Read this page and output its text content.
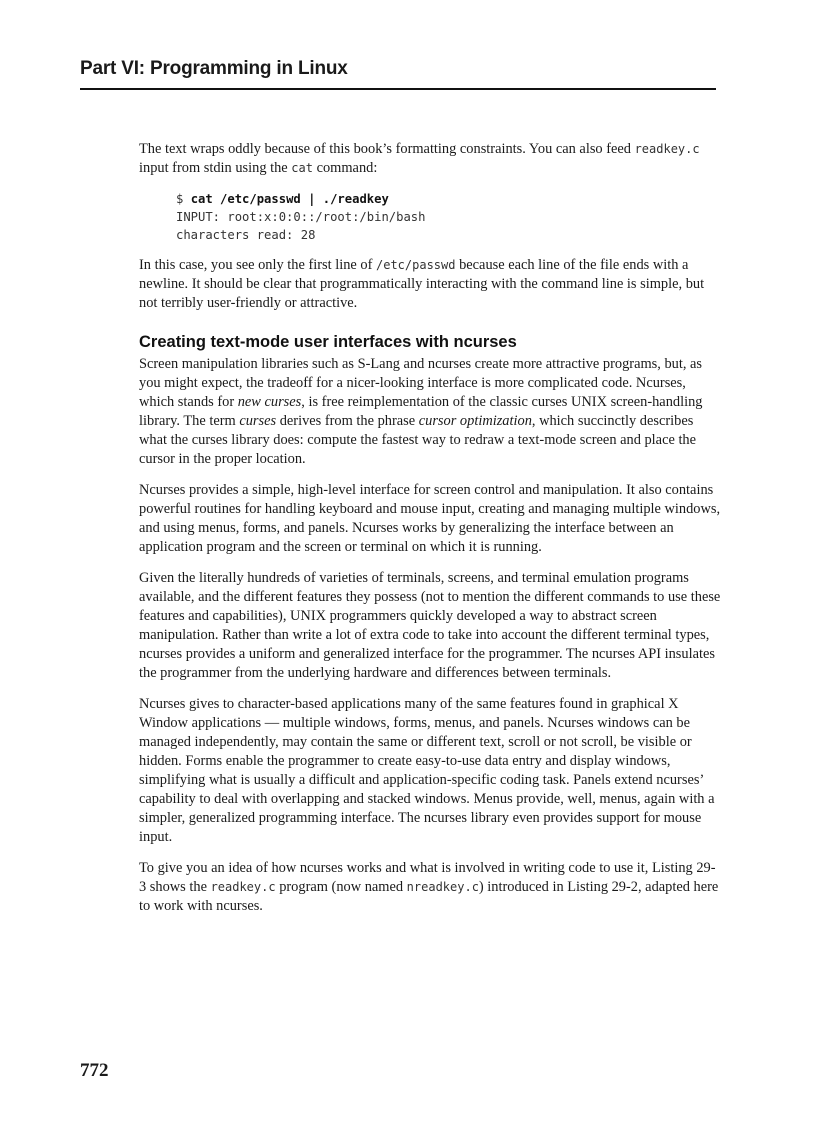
Part VI: Programming in Linux

The text wraps oddly because of this book’s formatting constraints. You can also feed readkey.c input from stdin using the cat command:

$ cat /etc/passwd | ./readkey
INPUT: root:x:0:0::/root:/bin/bash
characters read: 28

In this case, you see only the first line of /etc/passwd because each line of the file ends with a newline. It should be clear that programmatically interacting with the command line is simple, but not terribly user-friendly or attractive.

Creating text-mode user interfaces with ncurses

Screen manipulation libraries such as S-Lang and ncurses create more attractive programs, but, as you might expect, the tradeoff for a nicer-looking interface is more complicated code. Ncurses, which stands for new curses, is free reimplementation of the classic curses UNIX screen-handling library. The term curses derives from the phrase cursor optimization, which succinctly describes what the curses library does: compute the fastest way to redraw a text-mode screen and place the cursor in the proper location.

Ncurses provides a simple, high-level interface for screen control and manipulation. It also contains powerful routines for handling keyboard and mouse input, creating and managing multiple windows, and using menus, forms, and panels. Ncurses works by generalizing the interface between an application program and the screen or terminal on which it is running.

Given the literally hundreds of varieties of terminals, screens, and terminal emulation programs available, and the different features they possess (not to mention the different commands to use these features and capabilities), UNIX programmers quickly developed a way to abstract screen manipulation. Rather than write a lot of extra code to take into account the different terminal types, ncurses provides a uniform and generalized interface for the programmer. The ncurses API insulates the programmer from the underlying hardware and differences between terminals.

Ncurses gives to character-based applications many of the same features found in graphical X Window applications — multiple windows, forms, menus, and panels. Ncurses windows can be managed independently, may contain the same or different text, scroll or not scroll, be visible or hidden. Forms enable the programmer to create easy-to-use data entry and display windows, simplifying what is usually a difficult and application-specific coding task. Panels extend ncurses’ capability to deal with overlapping and stacked windows. Menus provide, well, menus, again with a simpler, generalized programming interface. The ncurses library even provides support for mouse input.

To give you an idea of how ncurses works and what is involved in writing code to use it, Listing 29-3 shows the readkey.c program (now named nreadkey.c) introduced in Listing 29-2, adapted here to work with ncurses.

772
